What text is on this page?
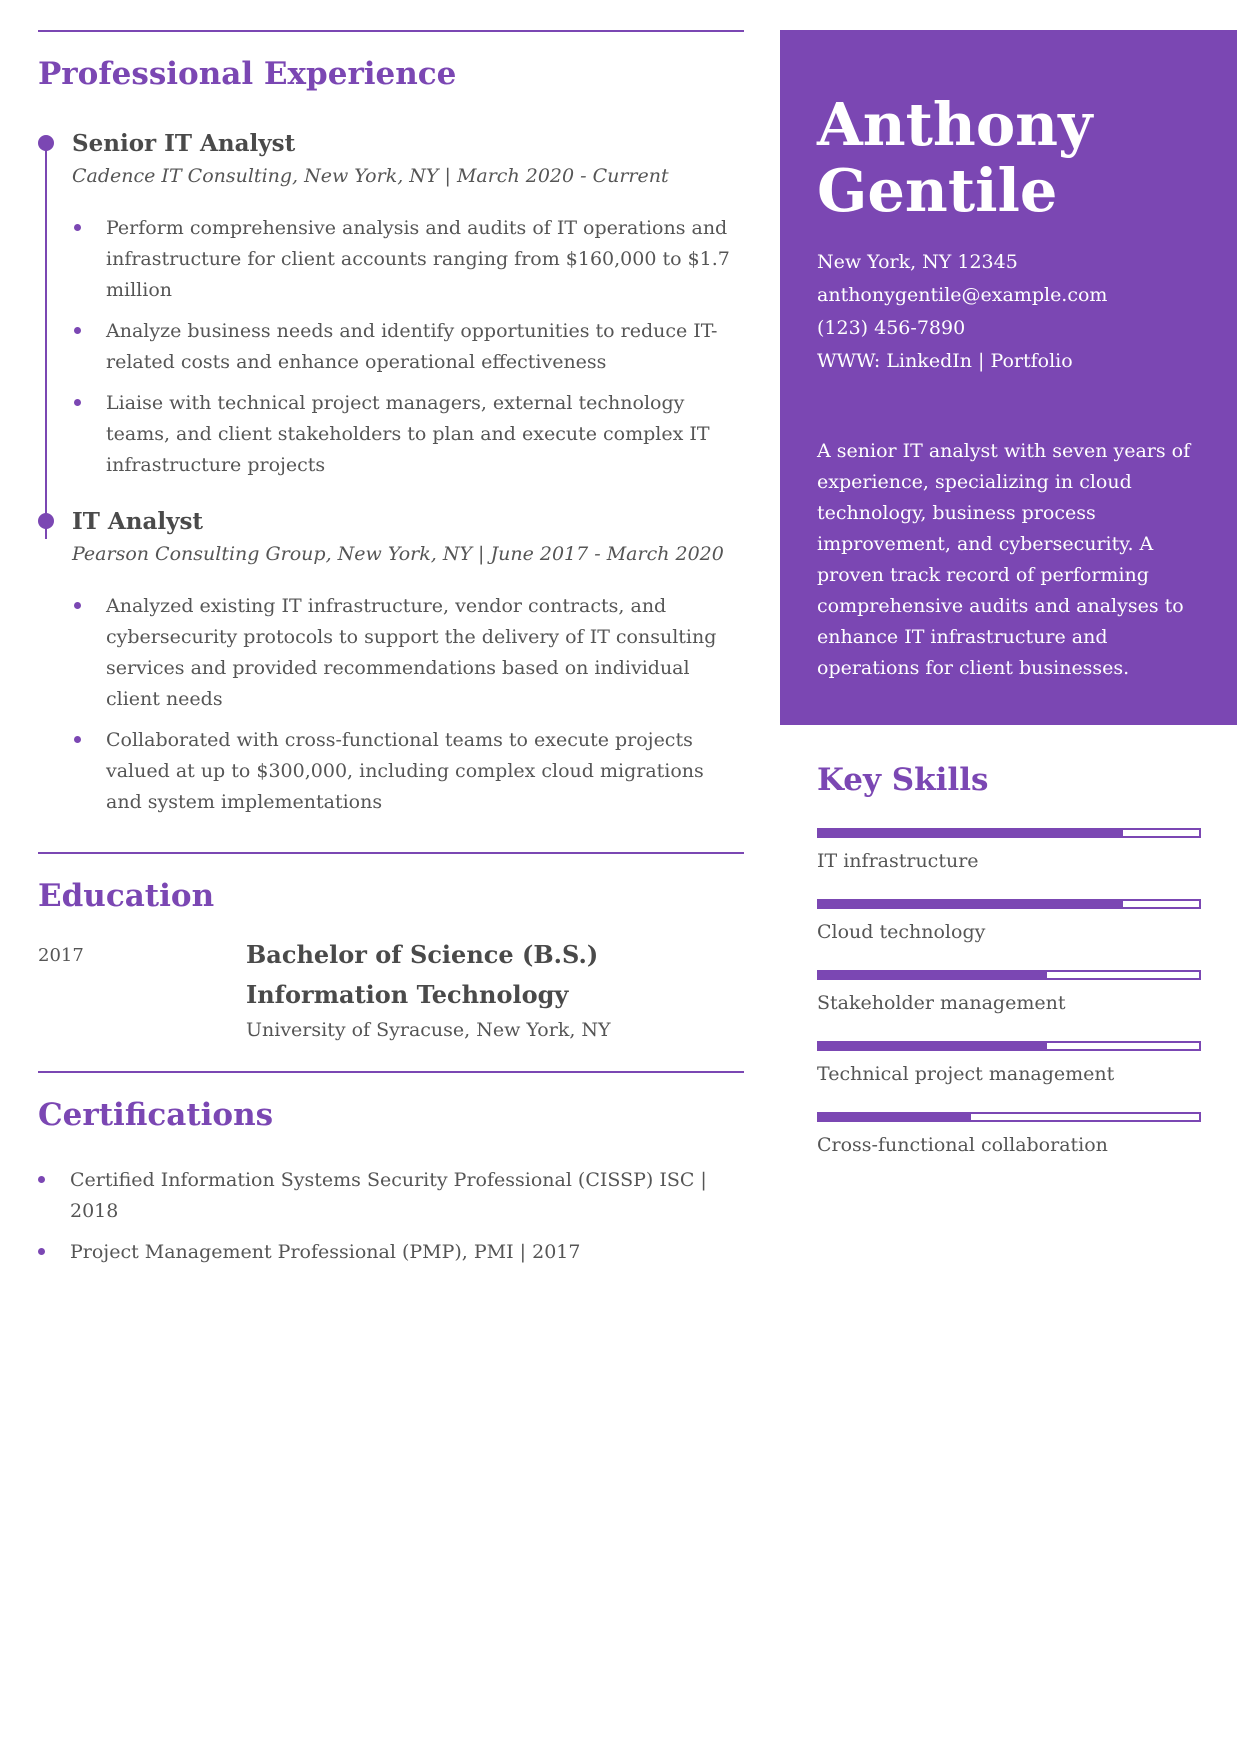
Professional Experience
Senior IT Analyst
Cadence IT Consulting, New York, NY | March 2020 - Current
Perform comprehensive analysis and audits of IT operations and infrastructure for client accounts ranging from $160,000 to $1.7 million
Analyze business needs and identify opportunities to reduce IT-related costs and enhance operational effectiveness
Liaise with technical project managers, external technology teams, and client stakeholders to plan and execute complex IT infrastructure projects
IT Analyst
Pearson Consulting Group, New York, NY | June 2017 - March 2020
Analyzed existing IT infrastructure, vendor contracts, and cybersecurity protocols to support the delivery of IT consulting services and provided recommendations based on individual client needs
Collaborated with cross-functional teams to execute projects valued at up to $300,000, including complex cloud migrations and system implementations
Education
2017	Bachelor of Science (B.S.) Information Technology
University of Syracuse, New York, NY
Certifications
Certified Information Systems Security Professional (CISSP) ISC | 2018
Project Management Professional (PMP), PMI | 2017
Anthony
Gentile
New York, NY 12345
anthonygentile@example.com
(123) 456-7890
WWW: LinkedIn | Portfolio
A senior IT analyst with seven years of experience, specializing in cloud technology, business process improvement, and cybersecurity. A proven track record of performing comprehensive audits and analyses to enhance IT infrastructure and operations for client businesses.
Key Skills
IT infrastructure
Cloud technology
Stakeholder management
Technical project management
Cross-functional collaboration
